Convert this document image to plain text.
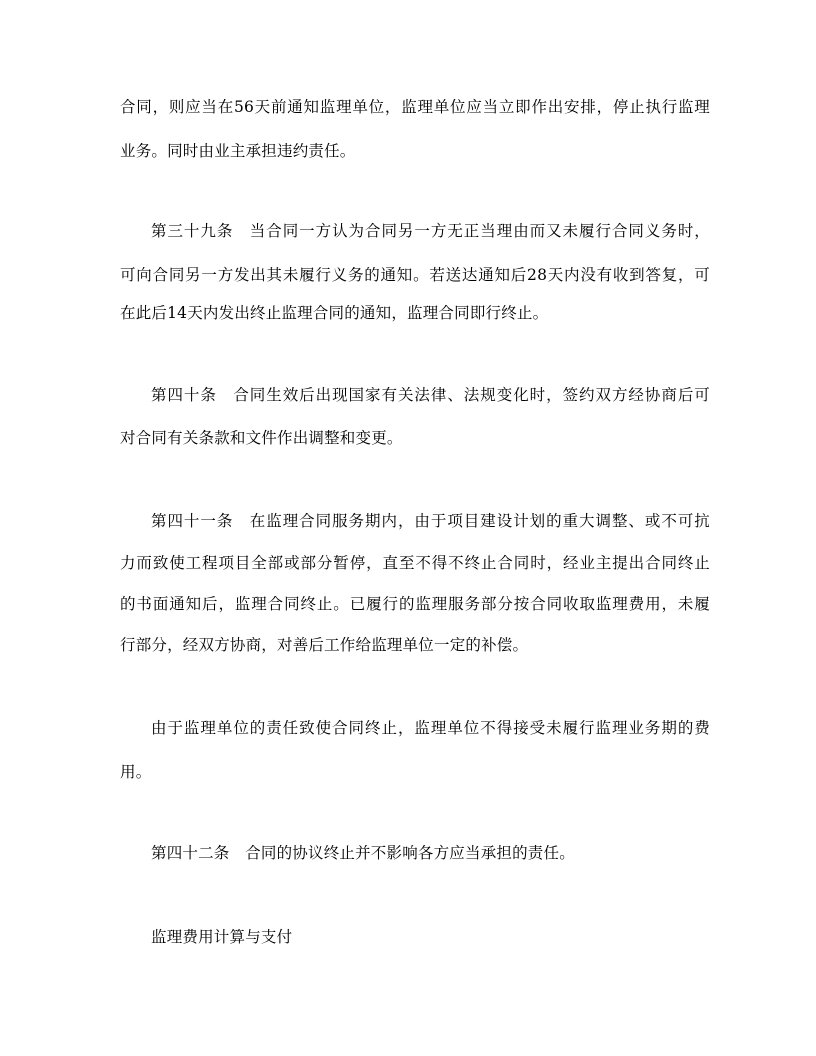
合同，则应当在56天前通知监理单位，监理单位应当立即作出安排，停止执行监理
业务。同时由业主承担违约责任。
第三十九条　当合同一方认为合同另一方无正当理由而又未履行合同义务时，
可向合同另一方发出其未履行义务的通知。若送达通知后28天内没有收到答复，可
在此后14天内发出终止监理合同的通知，监理合同即行终止。
第四十条　合同生效后出现国家有关法律、法规变化时，签约双方经协商后可
对合同有关条款和文件作出调整和变更。
第四十一条　在监理合同服务期内，由于项目建设计划的重大调整、或不可抗
力而致使工程项目全部或部分暂停，直至不得不终止合同时，经业主提出合同终止
的书面通知后，监理合同终止。已履行的监理服务部分按合同收取监理费用，未履
行部分，经双方协商，对善后工作给监理单位一定的补偿。
由于监理单位的责任致使合同终止，监理单位不得接受未履行监理业务期的费
用。
第四十二条　合同的协议终止并不影响各方应当承担的责任。
监理费用计算与支付
